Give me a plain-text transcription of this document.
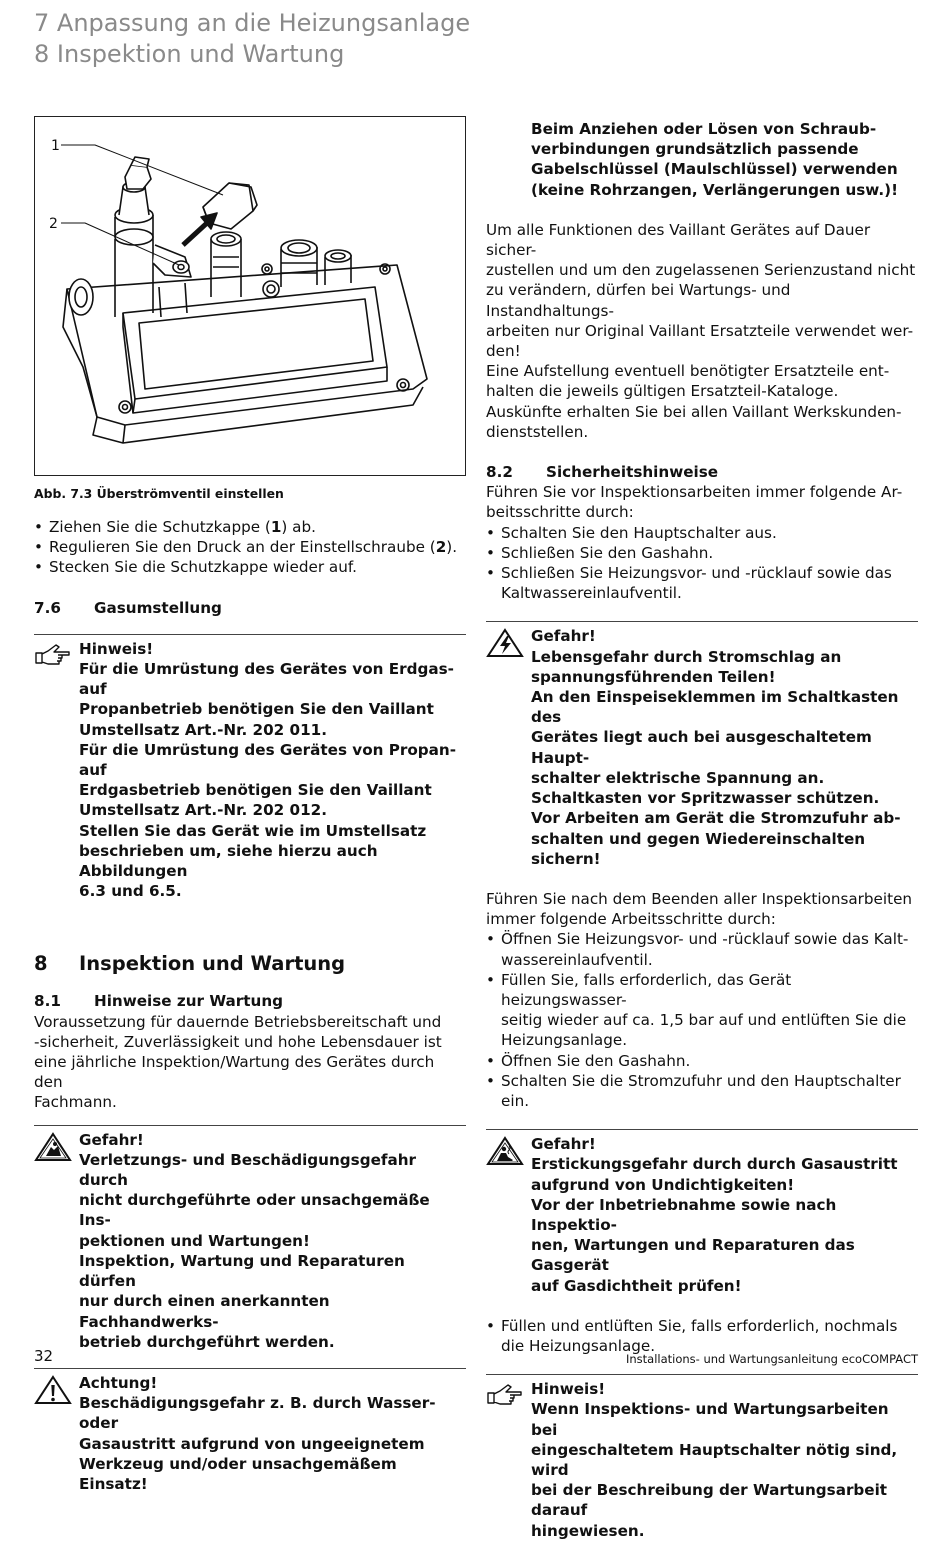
7 Anpassung an die Heizungsanlage
8 Inspektion und Wartung
1
2
Abb. 7.3 Überströmventil einstellen
• Ziehen Sie die Schutzkappe (1) ab.
• Regulieren Sie den Druck an der Einstellschraube (2).
• Stecken Sie die Schutzkappe wieder auf.
7.6	Gasumstellung
Hinweis!
Für die Umrüstung des Gerätes von Erdgas- auf
Propanbetrieb benötigen Sie den Vaillant
Umstellsatz Art.-Nr. 202 011.
Für die Umrüstung des Gerätes von Propan- auf
Erdgasbetrieb benötigen Sie den Vaillant
Umstellsatz Art.-Nr. 202 012.
Stellen Sie das Gerät wie im Umstellsatz
beschrieben um, siehe hierzu auch Abbildungen
6.3 und 6.5.
8	Inspektion und Wartung
8.1	Hinweise zur Wartung
Voraussetzung für dauernde Betriebsbereitschaft und
-sicherheit, Zuverlässigkeit und hohe Lebensdauer ist
eine jährliche Inspektion/Wartung des Gerätes durch den
Fachmann.
Gefahr!
Verletzungs- und Beschädigungsgefahr durch
nicht durchgeführte oder unsachgemäße Ins-
pektionen und Wartungen!
Inspektion, Wartung und Reparaturen dürfen
nur durch einen anerkannten Fachhandwerks-
betrieb durchgeführt werden.
Achtung!
Beschädigungsgefahr z. B. durch Wasser- oder
Gasaustritt aufgrund von ungeeignetem
Werkzeug und/oder unsachgemäßem Einsatz!
Beim Anziehen oder Lösen von Schraub-
verbindungen grundsätzlich passende
Gabelschlüssel (Maulschlüssel) verwenden
(keine Rohrzangen, Verlängerungen usw.)!
Um alle Funktionen des Vaillant Gerätes auf Dauer sicher-
zustellen und um den zugelassenen Serienzustand nicht
zu verändern, dürfen bei Wartungs- und Instandhaltungs-
arbeiten nur Original Vaillant Ersatzteile verwendet wer-
den!
Eine Aufstellung eventuell benötigter Ersatzteile ent-
halten die jeweils gültigen Ersatzteil-Kataloge.
Auskünfte erhalten Sie bei allen Vaillant Werkskunden-
dienststellen.
8.2	Sicherheitshinweise
Führen Sie vor Inspektionsarbeiten immer folgende Ar-
beitsschritte durch:
• Schalten Sie den Hauptschalter aus.
• Schließen Sie den Gashahn.
• Schließen Sie Heizungsvor- und -rücklauf sowie das
Kaltwassereinlaufventil.
Gefahr!
Lebensgefahr durch Stromschlag an
spannungsführenden Teilen!
An den Einspeiseklemmen im Schaltkasten des
Gerätes liegt auch bei ausgeschaltetem Haupt-
schalter elektrische Spannung an.
Schaltkasten vor Spritzwasser schützen.
Vor Arbeiten am Gerät die Stromzufuhr ab-
schalten und gegen Wiedereinschalten sichern!
Führen Sie nach dem Beenden aller Inspektionsarbeiten
immer folgende Arbeitsschritte durch:
• Öffnen Sie Heizungsvor- und -rücklauf sowie das Kalt-
wassereinlaufventil.
• Füllen Sie, falls erforderlich, das Gerät heizungswasser-
seitig wieder auf ca. 1,5 bar auf und entlüften Sie die
Heizungsanlage.
• Öffnen Sie den Gashahn.
• Schalten Sie die Stromzufuhr und den Hauptschalter
ein.
Gefahr!
Erstickungsgefahr durch durch Gasaustritt
aufgrund von Undichtigkeiten!
Vor der Inbetriebnahme sowie nach Inspektio-
nen, Wartungen und Reparaturen das Gasgerät
auf Gasdichtheit prüfen!
• Füllen und entlüften Sie, falls erforderlich, nochmals
die Heizungsanlage.
Hinweis!
Wenn Inspektions- und Wartungsarbeiten bei
eingeschaltetem Hauptschalter nötig sind, wird
bei der Beschreibung der Wartungsarbeit darauf
hingewiesen.
32	Installations- und Wartungsanleitung ecoCOMPACT
